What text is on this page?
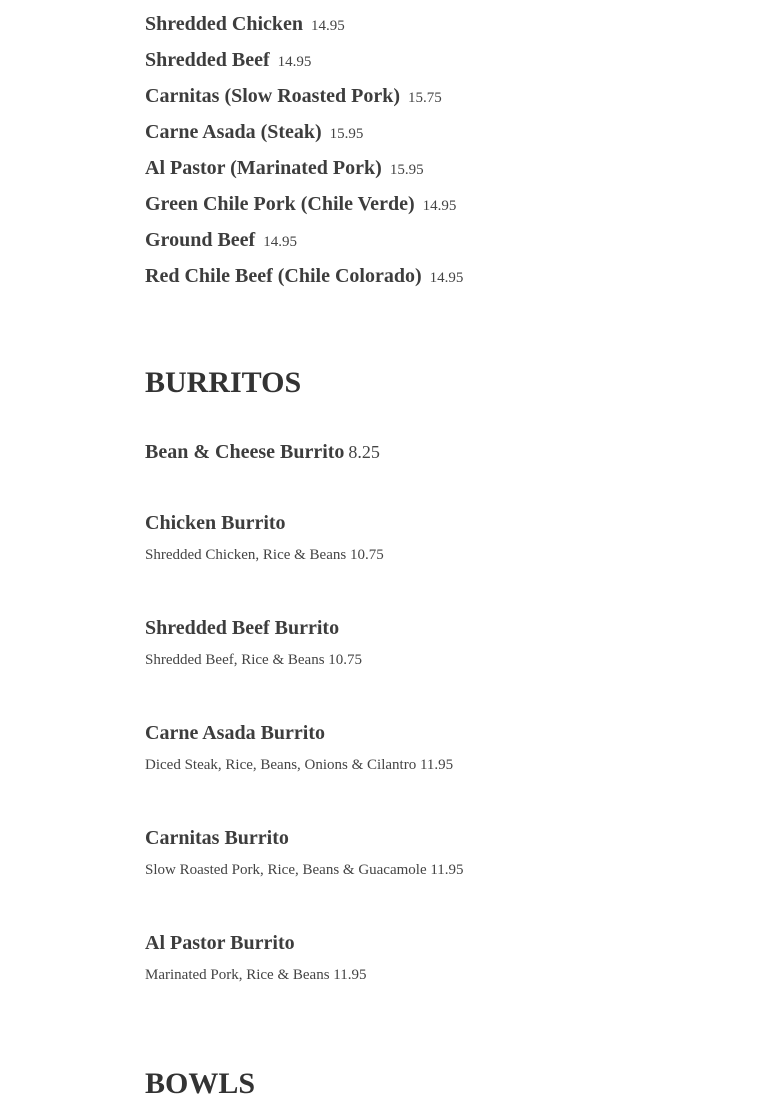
Shredded Chicken 14.95
Shredded Beef 14.95
Carnitas (Slow Roasted Pork) 15.75
Carne Asada (Steak) 15.95
Al Pastor (Marinated Pork) 15.95
Green Chile Pork (Chile Verde) 14.95
Ground Beef 14.95
Red Chile Beef (Chile Colorado) 14.95
BURRITOS
Bean & Cheese Burrito 8.25
Chicken Burrito
Shredded Chicken, Rice & Beans 10.75
Shredded Beef Burrito
Shredded Beef, Rice & Beans 10.75
Carne Asada Burrito
Diced Steak, Rice, Beans, Onions & Cilantro 11.95
Carnitas Burrito
Slow Roasted Pork, Rice, Beans & Guacamole 11.95
Al Pastor Burrito
Marinated Pork, Rice & Beans 11.95
BOWLS
